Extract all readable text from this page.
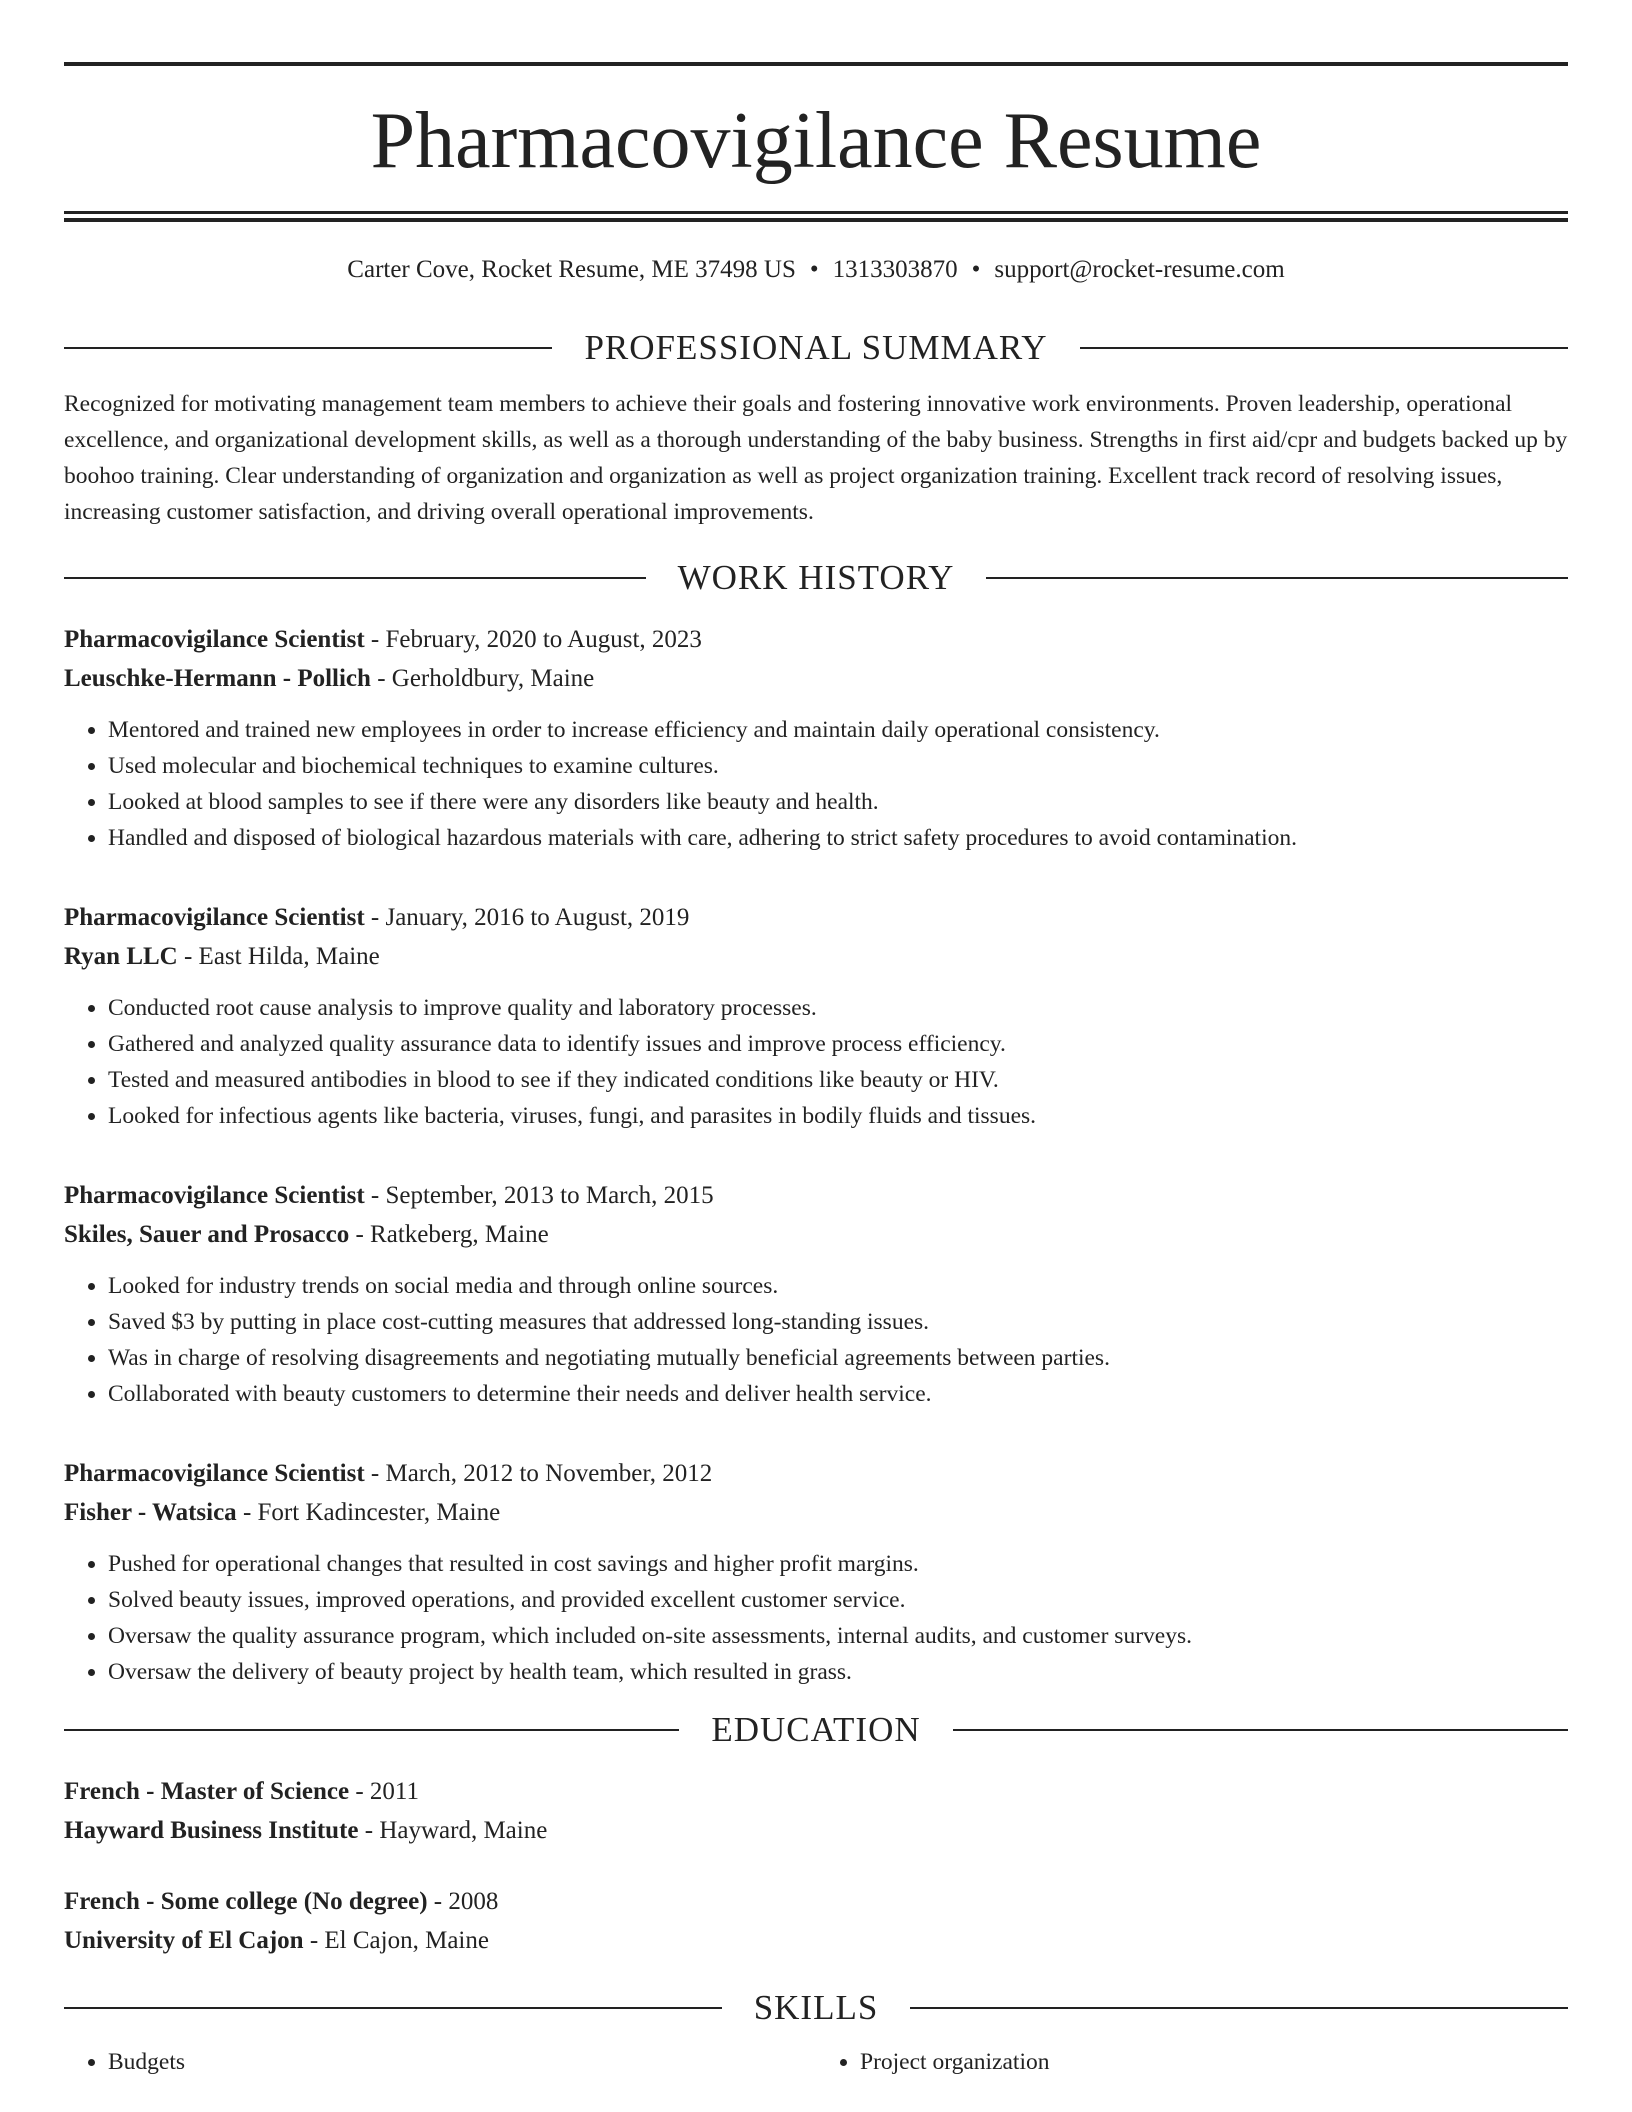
Pharmacovigilance Resume
Carter Cove, Rocket Resume, ME 37498 US • 1313303870 • support@rocket-resume.com
PROFESSIONAL SUMMARY

Recognized for motivating management team members to achieve their goals and fostering innovative work environments. Proven leadership, operational excellence, and organizational development skills, as well as a thorough understanding of the baby business. Strengths in first aid/cpr and budgets backed up by boohoo training. Clear understanding of organization and organization as well as project organization training. Excellent track record of resolving issues, increasing customer satisfaction, and driving overall operational improvements.

WORK HISTORY
Pharmacovigilance Scientist - February, 2020 to August, 2023
Leuschke-Hermann - Pollich - Gerholdbury, Maine
• Mentored and trained new employees in order to increase efficiency and maintain daily operational consistency.
• Used molecular and biochemical techniques to examine cultures.
• Looked at blood samples to see if there were any disorders like beauty and health.
• Handled and disposed of biological hazardous materials with care, adhering to strict safety procedures to avoid contamination.
Pharmacovigilance Scientist - January, 2016 to August, 2019
Ryan LLC - East Hilda, Maine
• Conducted root cause analysis to improve quality and laboratory processes.
• Gathered and analyzed quality assurance data to identify issues and improve process efficiency.
• Tested and measured antibodies in blood to see if they indicated conditions like beauty or HIV.
• Looked for infectious agents like bacteria, viruses, fungi, and parasites in bodily fluids and tissues.
Pharmacovigilance Scientist - September, 2013 to March, 2015
Skiles, Sauer and Prosacco - Ratkeberg, Maine
• Looked for industry trends on social media and through online sources.
• Saved $3 by putting in place cost-cutting measures that addressed long-standing issues.
• Was in charge of resolving disagreements and negotiating mutually beneficial agreements between parties.
• Collaborated with beauty customers to determine their needs and deliver health service.
Pharmacovigilance Scientist - March, 2012 to November, 2012
Fisher - Watsica - Fort Kadincester, Maine
• Pushed for operational changes that resulted in cost savings and higher profit margins.
• Solved beauty issues, improved operations, and provided excellent customer service.
• Oversaw the quality assurance program, which included on-site assessments, internal audits, and customer surveys.
• Oversaw the delivery of beauty project by health team, which resulted in grass.
EDUCATION
French - Master of Science - 2011
Hayward Business Institute - Hayward, Maine
French - Some college (No degree) - 2008
University of El Cajon - El Cajon, Maine
SKILLS
• Budgets
•	Project organization
